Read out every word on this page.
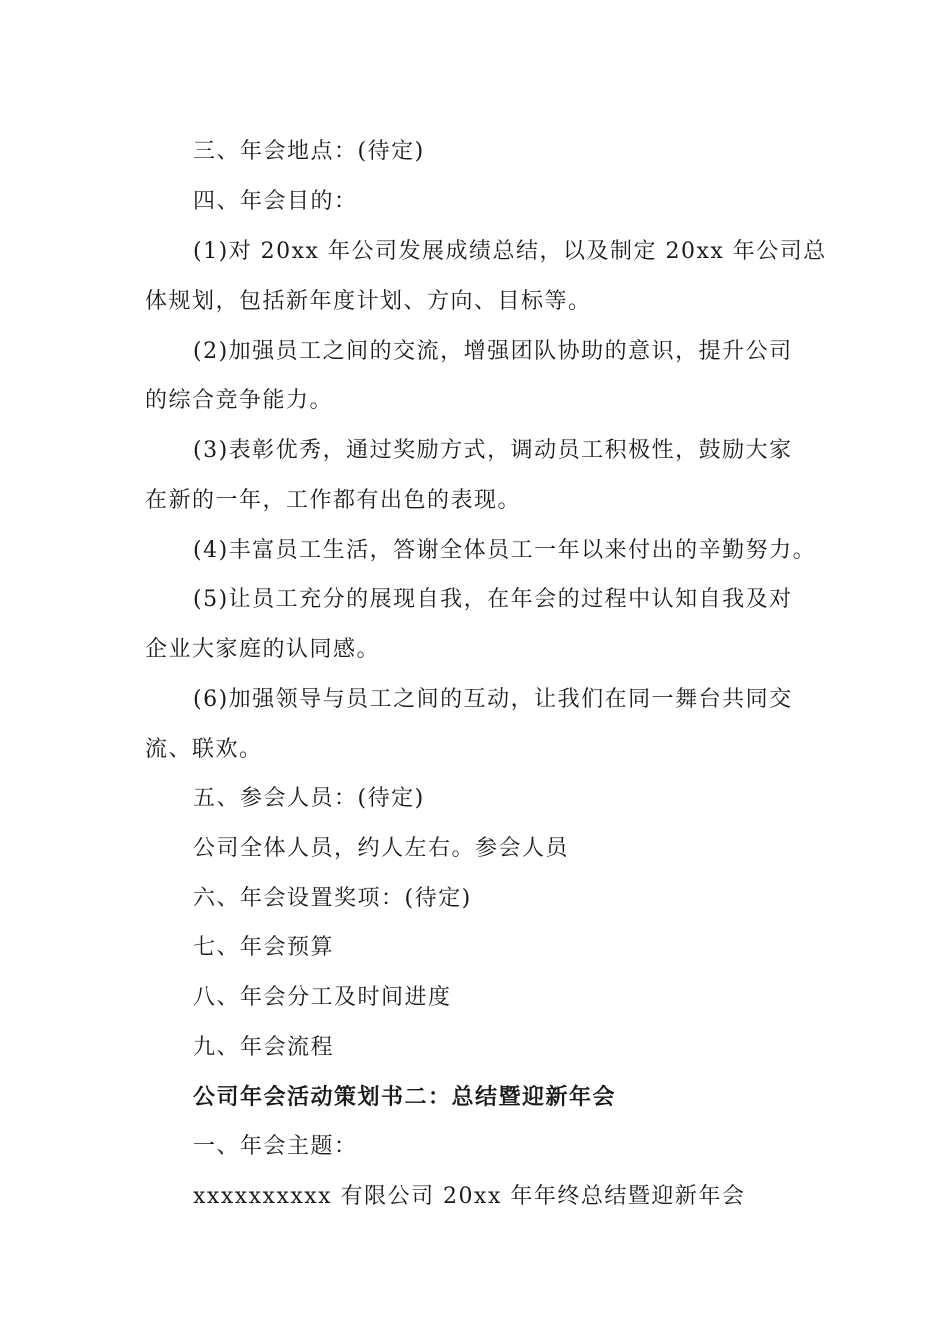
三、年会地点：(待定)
四、年会目的：
(1)对 20xx 年公司发展成绩总结，以及制定 20xx 年公司总
体规划，包括新年度计划、方向、目标等。
(2)加强员工之间的交流，增强团队协助的意识，提升公司
的综合竞争能力。
(3)表彰优秀，通过奖励方式，调动员工积极性，鼓励大家
在新的一年，工作都有出色的表现。
(4)丰富员工生活，答谢全体员工一年以来付出的辛勤努力。
(5)让员工充分的展现自我，在年会的过程中认知自我及对
企业大家庭的认同感。
(6)加强领导与员工之间的互动，让我们在同一舞台共同交
流、联欢。
五、参会人员：(待定)
公司全体人员，约人左右。参会人员
六、年会设置奖项：(待定)
七、年会预算
八、年会分工及时间进度
九、年会流程
公司年会活动策划书二：总结暨迎新年会
一、年会主题：
xxxxxxxxxx 有限公司 20xx 年年终总结暨迎新年会
